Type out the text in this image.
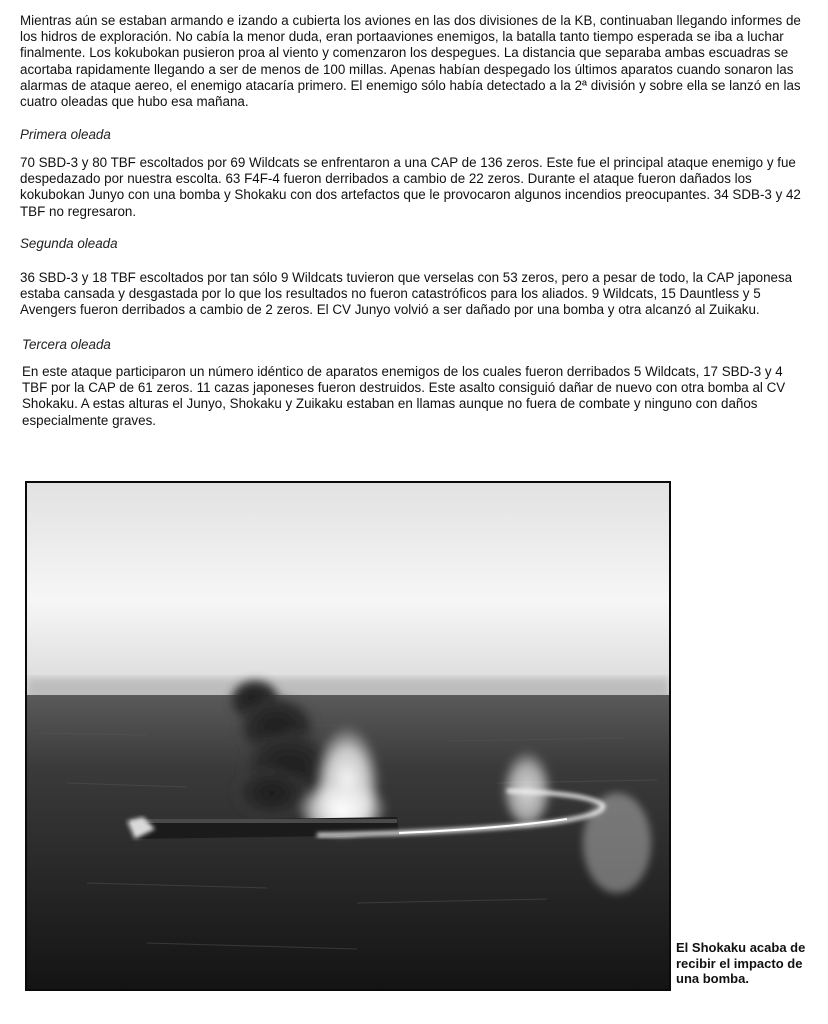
Mientras aún se estaban armando e izando a cubierta los aviones en las dos divisiones de la KB, continuaban llegando informes de los hidros de exploración. No cabía la menor duda, eran portaaviones enemigos, la batalla tanto tiempo esperada se iba a luchar finalmente. Los kokubokan pusieron proa al viento y comenzaron los despegues. La distancia que separaba ambas escuadras se acortaba rapidamente llegando a ser de menos de 100 millas. Apenas habían despegado los últimos aparatos cuando sonaron las alarmas de ataque aereo, el enemigo atacaría primero. El enemigo sólo había detectado a la 2ª división y sobre ella se lanzó en las cuatro oleadas que hubo esa mañana.

Primera oleada

70 SBD-3 y 80 TBF escoltados por 69 Wildcats se enfrentaron a una CAP de 136 zeros. Este fue el principal ataque enemigo y fue despedazado por nuestra escolta. 63 F4F-4 fueron derribados a cambio de 22 zeros. Durante el ataque fueron dañados los kokubokan Junyo con una bomba y Shokaku con dos artefactos que le provocaron algunos incendios preocupantes. 34 SDB-3 y 42 TBF no regresaron.

Segunda oleada

36 SBD-3 y 18 TBF escoltados por tan sólo 9 Wildcats tuvieron que verselas con 53 zeros, pero a pesar de todo, la CAP japonesa estaba cansada y desgastada por lo que los resultados no fueron catastróficos para los aliados. 9 Wildcats, 15 Dauntless y 5 Avengers fueron derribados a cambio de 2 zeros. El CV Junyo volvió a ser dañado por una bomba y otra alcanzó al Zuikaku.

Tercera oleada

En este ataque participaron un número idéntico de aparatos enemigos de los cuales fueron derribados 5 Wildcats, 17 SBD-3 y 4 TBF por la CAP de 61 zeros. 11 cazas japoneses fueron destruidos. Este asalto consiguió dañar de nuevo con otra bomba al CV Shokaku. A estas alturas el Junyo, Shokaku y Zuikaku estaban en llamas aunque no fuera de combate y ninguno con daños especialmente graves.

El Shokaku acaba de recibir el impacto de una bomba.
